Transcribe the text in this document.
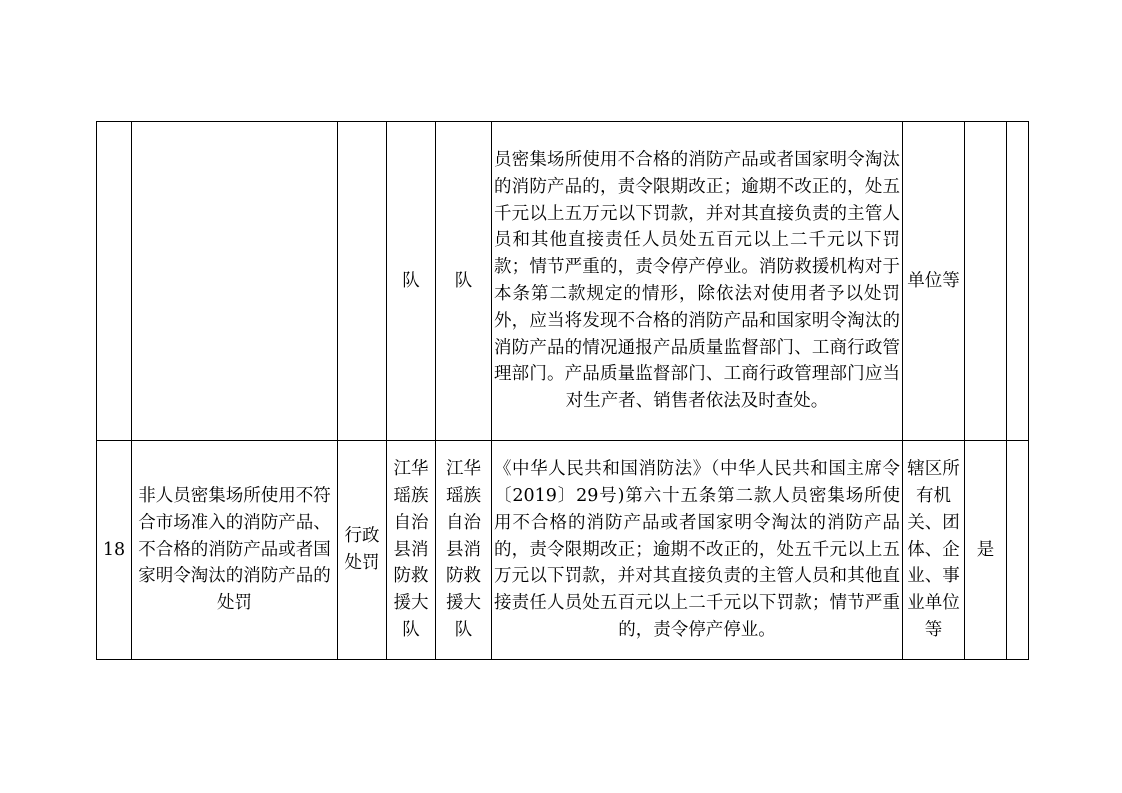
			队	队	员密集场所使用不合格的消防产品或者国家明令淘汰的消防产品的，责令限期改正；逾期不改正的，处五千元以上五万元以下罚款，并对其直接负责的主管人员和其他直接责任人员处五百元以上二千元以下罚款；情节严重的，责令停产停业。消防救援机构对于本条第二款规定的情形，除依法对使用者予以处罚外，应当将发现不合格的消防产品和国家明令淘汰的消防产品的情况通报产品质量监督部门、工商行政管理部门。产品质量监督部门、工商行政管理部门应当对生产者、销售者依法及时查处。	单位等		
18	非人员密集场所使用不符合市场准入的消防产品、不合格的消防产品或者国家明令淘汰的消防产品的处罚	行政处罚	江华瑶族自治县消防救援大队	江华瑶族自治县消防救援大队	《中华人民共和国消防法》（中华人民共和国主席令〔2019〕29号)第六十五条第二款人员密集场所使用不合格的消防产品或者国家明令淘汰的消防产品的，责令限期改正；逾期不改正的，处五千元以上五万元以下罚款，并对其直接负责的主管人员和其他直接责任人员处五百元以上二千元以下罚款；情节严重的，责令停产停业。	辖区所有机关、团体、企业、事业单位等	是	
